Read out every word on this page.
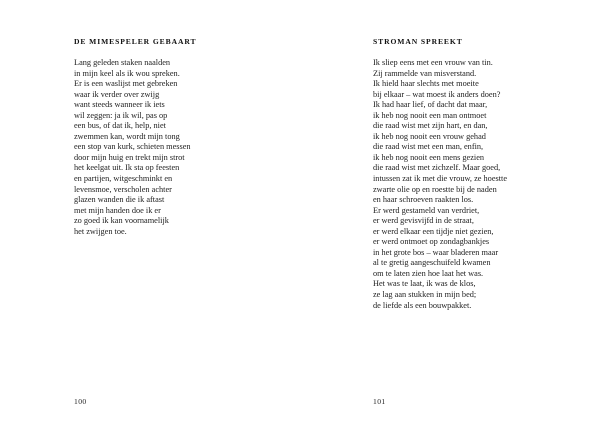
DE MIMESPELER GEBAART
Lang geleden staken naalden
in mijn keel als ik wou spreken.
Er is een waslijst met gebreken
waar ik verder over zwijg
want steeds wanneer ik iets
wil zeggen: ja ik wil, pas op
een bus, of dat ik, help, niet
zwemmen kan, wordt mijn tong
een stop van kurk, schieten messen
door mijn huig en trekt mijn strot
het keelgat uit. Ik sta op feesten
en partijen, witgeschminkt en
levensmoe, verscholen achter
glazen wanden die ik aftast
met mijn handen doe ik er
zo goed ik kan voornamelijk
het zwijgen toe.
100
STROMAN SPREEKT
Ik sliep eens met een vrouw van tin.
Zij rammelde van misverstand.
Ik hield haar slechts met moeite
bij elkaar – wat moest ik anders doen?
Ik had haar lief, of dacht dat maar,
ik heb nog nooit een man ontmoet
die raad wist met zijn hart, en dan,
ik heb nog nooit een vrouw gehad
die raad wist met een man, enfin,
ik heb nog nooit een mens gezien
die raad wist met zichzelf. Maar goed,
intussen zat ik met die vrouw, ze hoestte
zwarte olie op en roestte bij de naden
en haar schroeven raakten los.
Er werd gestameld van verdriet,
er werd gevisvijfd in de straat,
er werd elkaar een tijdje niet gezien,
er werd ontmoet op zondagbankjes
in het grote bos – waar bladeren maar
al te gretig aangeschuifeld kwamen
om te laten zien hoe laat het was.
Het was te laat, ik was de klos,
ze lag aan stukken in mijn bed;
de liefde als een bouwpakket.
101
